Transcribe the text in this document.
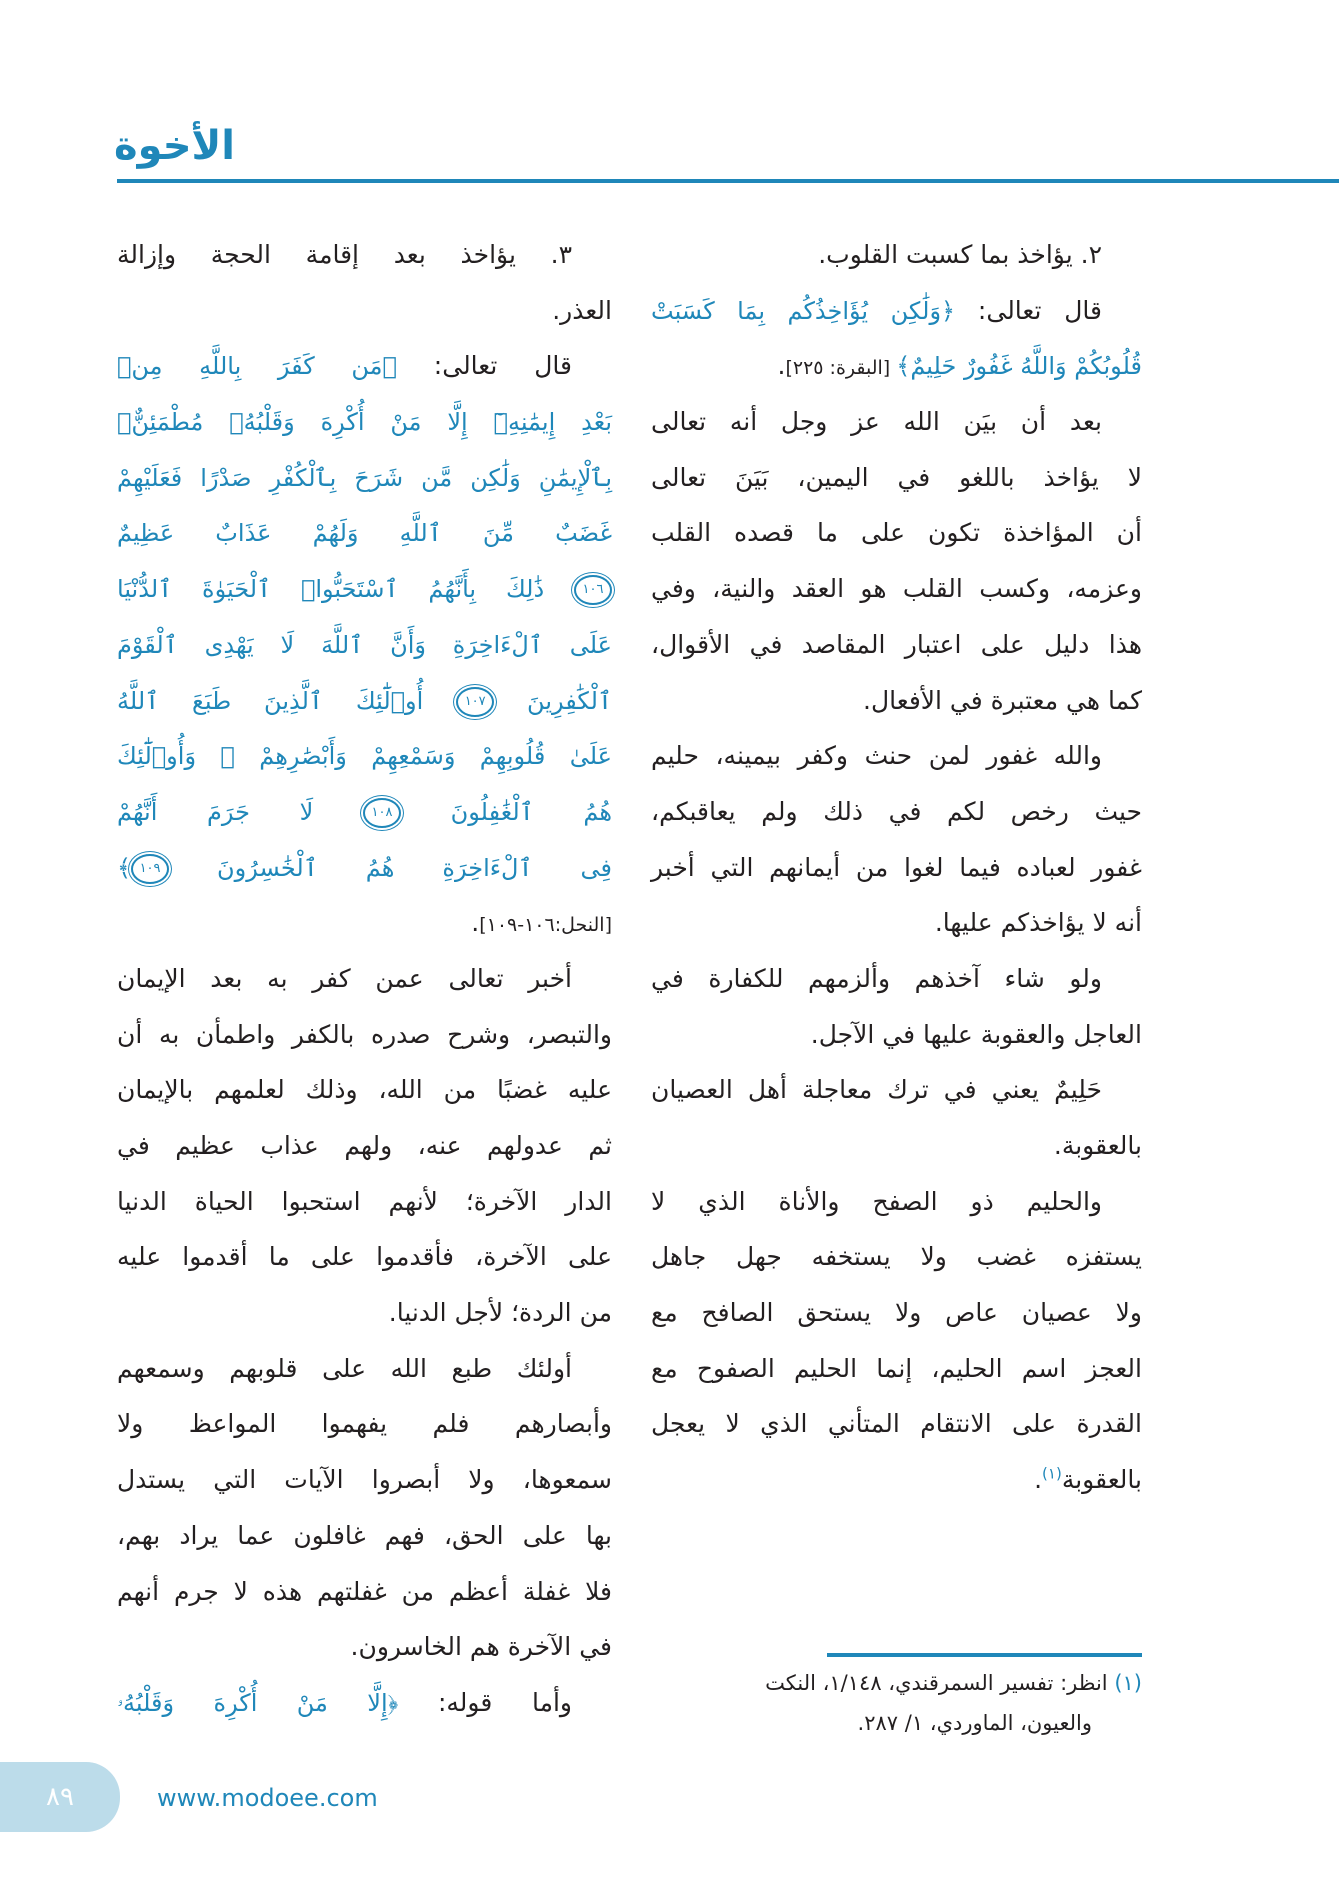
الأخوة
٢. يؤاخذ بما كسبت القلوب.
قال تعالى: ﴿وَلَٰكِن يُؤَاخِذُكُم بِمَا كَسَبَتْ
قُلُوبُكُمْ وَاللَّهُ غَفُورٌ حَلِيمٌ﴾ [البقرة: ٢٢٥].
بعد أن بيَن الله عز وجل أنه تعالى
لا يؤاخذ باللغو في اليمين، بَيَنَ تعالى
أن المؤاخذة تكون على ما قصده القلب
وعزمه، وكسب القلب هو العقد والنية، وفي
هذا دليل على اعتبار المقاصد في الأقوال،
كما هي معتبرة في الأفعال.
والله غفور لمن حنث وكفر بيمينه، حليم
حيث رخص لكم في ذلك ولم يعاقبكم،
غفور لعباده فيما لغوا من أيمانهم التي أخبر
أنه لا يؤاخذكم عليها.
ولو شاء آخذهم وألزمهم للكفارة في
العاجل والعقوبة عليها في الآجل.
حَلِيمٌ يعني في ترك معاجلة أهل العصيان
بالعقوبة.
والحليم ذو الصفح والأناة الذي لا
يستفزه غضب ولا يستخفه جهل جاهل
ولا عصيان عاص ولا يستحق الصافح مع
العجز اسم الحليم، إنما الحليم الصفوح مع
القدرة على الانتقام المتأني الذي لا يعجل
بالعقوبة$^{(١)}$.
٣. يؤاخذ بعد إقامة الحجة وإزالة
العذر.
قال تعالى: ﴿مَن كَفَرَ بِاللَّهِ مِنۢ
بَعْدِ إِيمَٰنِهِۦٓ إِلَّا مَنْ أُكْرِهَ وَقَلْبُهُۥ مُطْمَئِنٌّۢ
بِٱلْإِيمَٰنِ وَلَٰكِن مَّن شَرَحَ بِٱلْكُفْرِ صَدْرًا فَعَلَيْهِمْ
غَضَبٌ مِّنَ ٱللَّهِ وَلَهُمْ عَذَابٌ عَظِيمٌ
١٠٦ ذَٰلِكَ بِأَنَّهُمُ ٱسْتَحَبُّوا۟ ٱلْحَيَوٰةَ ٱلدُّنْيَا
عَلَى ٱلْءَاخِرَةِ وَأَنَّ ٱللَّهَ لَا يَهْدِى ٱلْقَوْمَ
ٱلْكَٰفِرِينَ ١٠٧ أُو۟لَٰٓئِكَ ٱلَّذِينَ طَبَعَ ٱللَّهُ
عَلَىٰ قُلُوبِهِمْ وَسَمْعِهِمْ وَأَبْصَٰرِهِمْ ۖ وَأُو۟لَٰٓئِكَ
هُمُ ٱلْغَٰفِلُونَ ١٠٨ لَا جَرَمَ أَنَّهُمْ
فِى ٱلْءَاخِرَةِ هُمُ ٱلْخَٰسِرُونَ ١٠٩﴾
[النحل:١٠٦-١٠٩].
أخبر تعالى عمن كفر به بعد الإيمان
والتبصر، وشرح صدره بالكفر واطمأن به أن
عليه غضبًا من الله، وذلك لعلمهم بالإيمان
ثم عدولهم عنه، ولهم عذاب عظيم في
الدار الآخرة؛ لأنهم استحبوا الحياة الدنيا
على الآخرة، فأقدموا على ما أقدموا عليه
من الردة؛ لأجل الدنيا.
أولئك طبع الله على قلوبهم وسمعهم
وأبصارهم فلم يفهموا المواعظ ولا
سمعوها، ولا أبصروا الآيات التي يستدل
بها على الحق، فهم غافلون عما يراد بهم،
فلا غفلة أعظم من غفلتهم هذه لا جرم أنهم
في الآخرة هم الخاسرون.
وأما قوله: ﴿إِلَّا مَنْ أُكْرِهَ وَقَلْبُهُۥ
(١) انظر: تفسير السمرقندي، ١/١٤٨، النكت
والعيون، الماوردي، ١/ ٢٨٧.
٨٩	www.modoee.com
